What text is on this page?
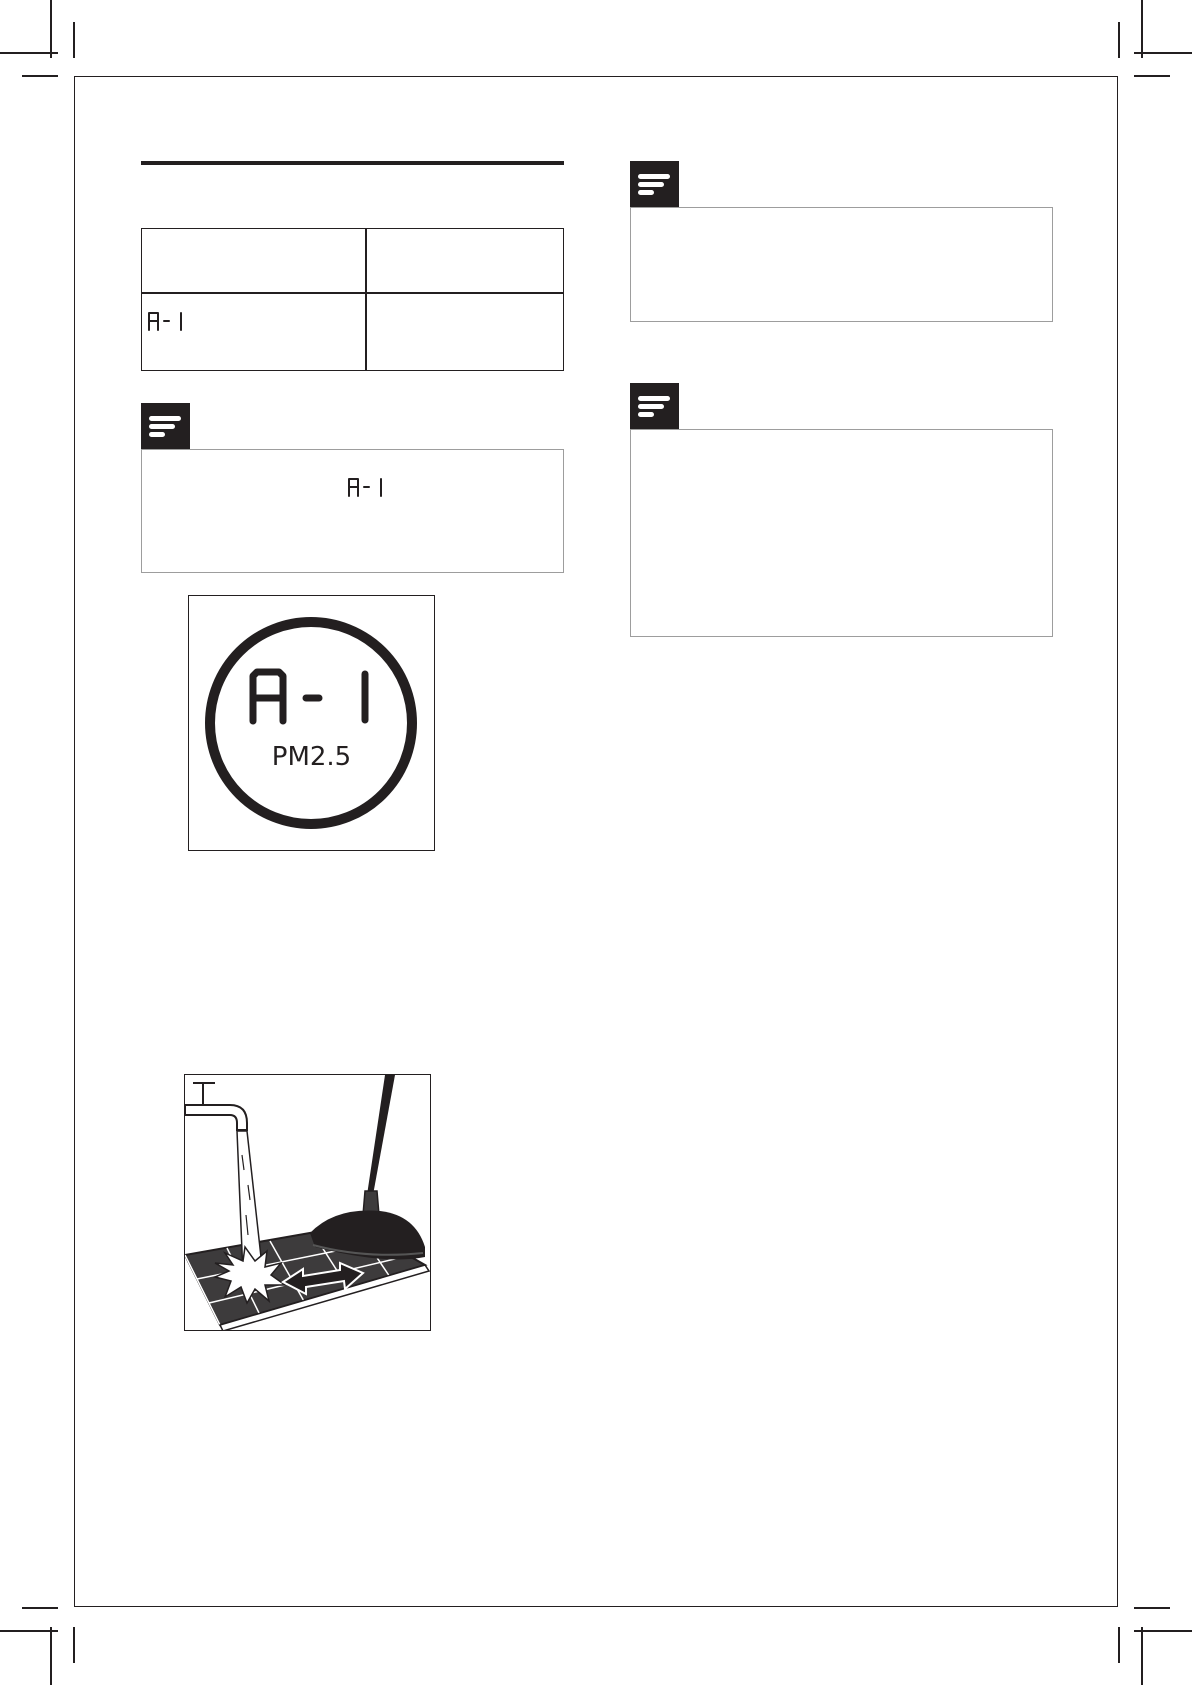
PM2.5
